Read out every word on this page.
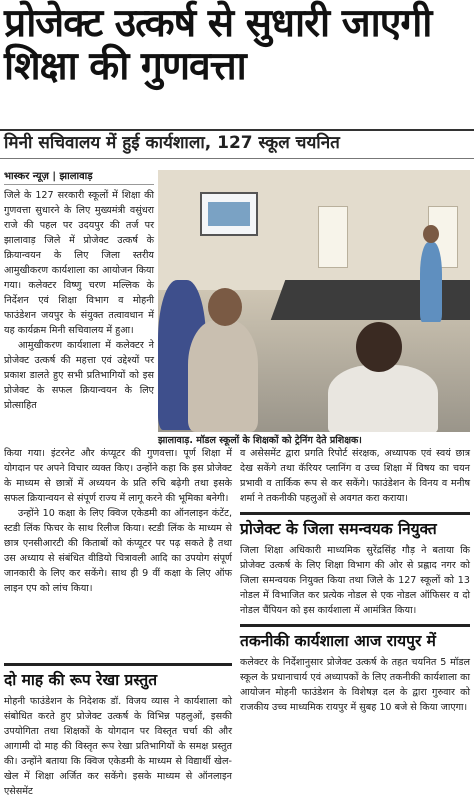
प्रोजेक्ट उत्कर्ष से सुधारी जाएगी शिक्षा की गुणवत्ता
मिनी सचिवालय में हुई कार्यशाला, 127 स्कूल चयनित
भास्कर न्यूज़ | झालावाड़

जिले के 127 सरकारी स्कूलों में शिक्षा की गुणवत्ता सुधारने के लिए मुख्यमंत्री वसुंधरा राजे की पहल पर उदयपुर की तर्ज पर झालावाड़ जिले में प्रोजेक्ट उत्कर्ष के क्रियान्वयन के लिए जिला स्तरीय आमुखीकरण कार्यशाला का आयोजन किया गया। कलेक्टर विष्णु चरण मल्लिक के निर्देशन एवं शिक्षा विभाग व मोहनी फाउंडेशन जयपुर के संयुक्त तत्वावधान में यह कार्यक्रम मिनी सचिवालय में हुआ।

आमुखीकरण कार्यशाला में कलेक्टर ने प्रोजेक्ट उत्कर्ष की महत्ता एवं उद्देश्यों पर प्रकाश डालते हुए सभी प्रतिभागियों को इस प्रोजेक्ट के सफल क्रियान्वयन के लिए प्रोत्साहित

झालावाड़. मॉडल स्कूलों के शिक्षकों को ट्रेनिंग देते प्रशिक्षक।

किया गया। इंटरनेट और कंप्यूटर की गुणवत्ता। पूर्ण शिक्षा में योगदान पर अपने विचार व्यक्त किए। उन्होंने कहा कि इस प्रोजेक्ट के माध्यम से छात्रों में अध्ययन के प्रति रुचि बढ़ेगी तथा इसके सफल क्रियान्वयन से संपूर्ण राज्य में लागू करने की भूमिका बनेगी।

उन्होंने 10 कक्षा के लिए क्विज एकेडमी का ऑनलाइन कंटेंट, स्टडी लिंक फिचर के साथ रिलीज किया। स्टडी लिंक के माध्यम से छात्र एनसीआरटी की किताबों को कंप्यूटर पर पढ़ सकते है तथा उस अध्याय से संबंधित वीडियो चित्रावली आदि का उपयोग संपूर्ण जानकारी के लिए कर सकेंगे। साथ ही 9 वीं कक्षा के लिए ऑफ लाइन एप को लांच किया।

दो माह की रूप रेखा प्रस्तुत

मोहनी फाउंडेशन के निदेशक डॉ. विजय व्यास ने कार्यशाला को संबोधित करते हुए प्रोजेक्ट उत्कर्ष के विभिन्न पहलुओं, इसकी उपयोगिता तथा शिक्षकों के योगदान पर विस्तृत चर्चा की और आगामी दो माह की विस्तृत रूप रेखा प्रतिभागियों के समक्ष प्रस्तुत की। उन्होंने बताया कि क्विज एकेडमी के माध्यम से विद्यार्थी खेल-खेल में शिक्षा अर्जित कर सकेंगे। इसके माध्यम से ऑनलाइन एसेसमेंट

व असेसमेंट द्वारा प्रगति रिपोर्ट संरक्षक, अध्यापक एवं स्वयं छात्र देख सकेंगे तथा कॅरियर प्लानिंग व उच्च शिक्षा में विषय का चयन प्रभावी व तार्किक रूप से कर सकेंगे। फाउंडेशन के विनय व मनीष शर्मा ने तकनीकी पहलुओं से अवगत करा कराया।

प्रोजेक्ट के जिला समन्वयक नियुक्त

जिला शिक्षा अधिकारी माध्यमिक सुरेंद्रसिंह गौड़ ने बताया कि प्रोजेक्ट उत्कर्ष के लिए शिक्षा विभाग की ओर से प्रह्लाद नगर को जिला समन्वयक नियुक्त किया तथा जिले के 127 स्कूलों को 13 नोडल में विभाजित कर प्रत्येक नोडल से एक नोडल ऑफिसर व दो नोडल चैंपियन को इस कार्यशाला में आमंत्रित किया।

तकनीकी कार्यशाला आज रायपुर में

कलेक्टर के निर्देशानुसार प्रोजेक्ट उत्कर्ष के तहत चयनित 5 मॉडल स्कूल के प्रधानाचार्य एवं अध्यापकों के लिए तकनीकी कार्यशाला का आयोजन मोहनी फाउंडेशन के विशेषज्ञ दल के द्वारा गुरुवार को राजकीय उच्च माध्यमिक रायपुर में सुबह 10 बजे से किया जाएगा।
